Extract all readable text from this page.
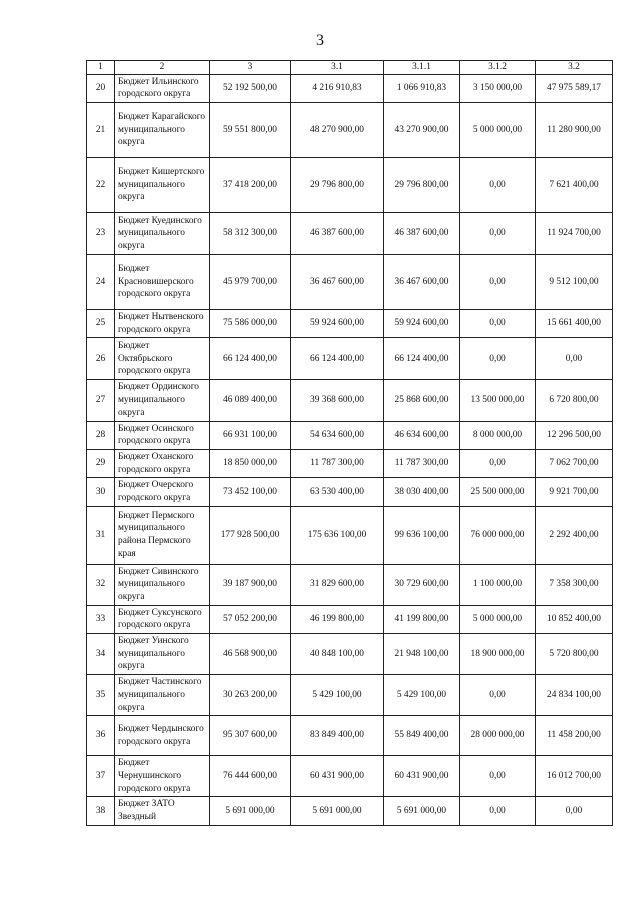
3
1	2	3	3.1	3.1.1	3.1.2	3.2
20	Бюджет Ильинского городского округа	52 192 500,00	4 216 910,83	1 066 910,83	3 150 000,00	47 975 589,17
21	Бюджет Карагайского муниципального округа	59 551 800,00	48 270 900,00	43 270 900,00	5 000 000,00	11 280 900,00
22	Бюджет Кишертского муниципального округа	37 418 200,00	29 796 800,00	29 796 800,00	0,00	7 621 400,00
23	Бюджет Куединского муниципального округа	58 312 300,00	46 387 600,00	46 387 600,00	0,00	11 924 700,00
24	Бюджет Красновишерского городского округа	45 979 700,00	36 467 600,00	36 467 600,00	0,00	9 512 100,00
25	Бюджет Нытвенского городского округа	75 586 000,00	59 924 600,00	59 924 600,00	0,00	15 661 400,00
26	Бюджет Октябрьского городского округа	66 124 400,00	66 124 400,00	66 124 400,00	0,00	0,00
27	Бюджет Ординского муниципального округа	46 089 400,00	39 368 600,00	25 868 600,00	13 500 000,00	6 720 800,00
28	Бюджет Осинского городского округа	66 931 100,00	54 634 600,00	46 634 600,00	8 000 000,00	12 296 500,00
29	Бюджет Оханского городского округа	18 850 000,00	11 787 300,00	11 787 300,00	0,00	7 062 700,00
30	Бюджет Очерского городского округа	73 452 100,00	63 530 400,00	38 030 400,00	25 500 000,00	9 921 700,00
31	Бюджет Пермского муниципального района Пермского края	177 928 500,00	175 636 100,00	99 636 100,00	76 000 000,00	2 292 400,00
32	Бюджет Сивинского муниципального округа	39 187 900,00	31 829 600,00	30 729 600,00	1 100 000,00	7 358 300,00
33	Бюджет Суксунского городского округа	57 052 200,00	46 199 800,00	41 199 800,00	5 000 000,00	10 852 400,00
34	Бюджет Уинского муниципального округа	46 568 900,00	40 848 100,00	21 948 100,00	18 900 000,00	5 720 800,00
35	Бюджет Частинского муниципального округа	30 263 200,00	5 429 100,00	5 429 100,00	0,00	24 834 100,00
36	Бюджет Чердынского городского округа	95 307 600,00	83 849 400,00	55 849 400,00	28 000 000,00	11 458 200,00
37	Бюджет Чернушинского городского округа	76 444 600,00	60 431 900,00	60 431 900,00	0,00	16 012 700,00
38	Бюджет ЗАТО Звездный	5 691 000,00	5 691 000,00	5 691 000,00	0,00	0,00
